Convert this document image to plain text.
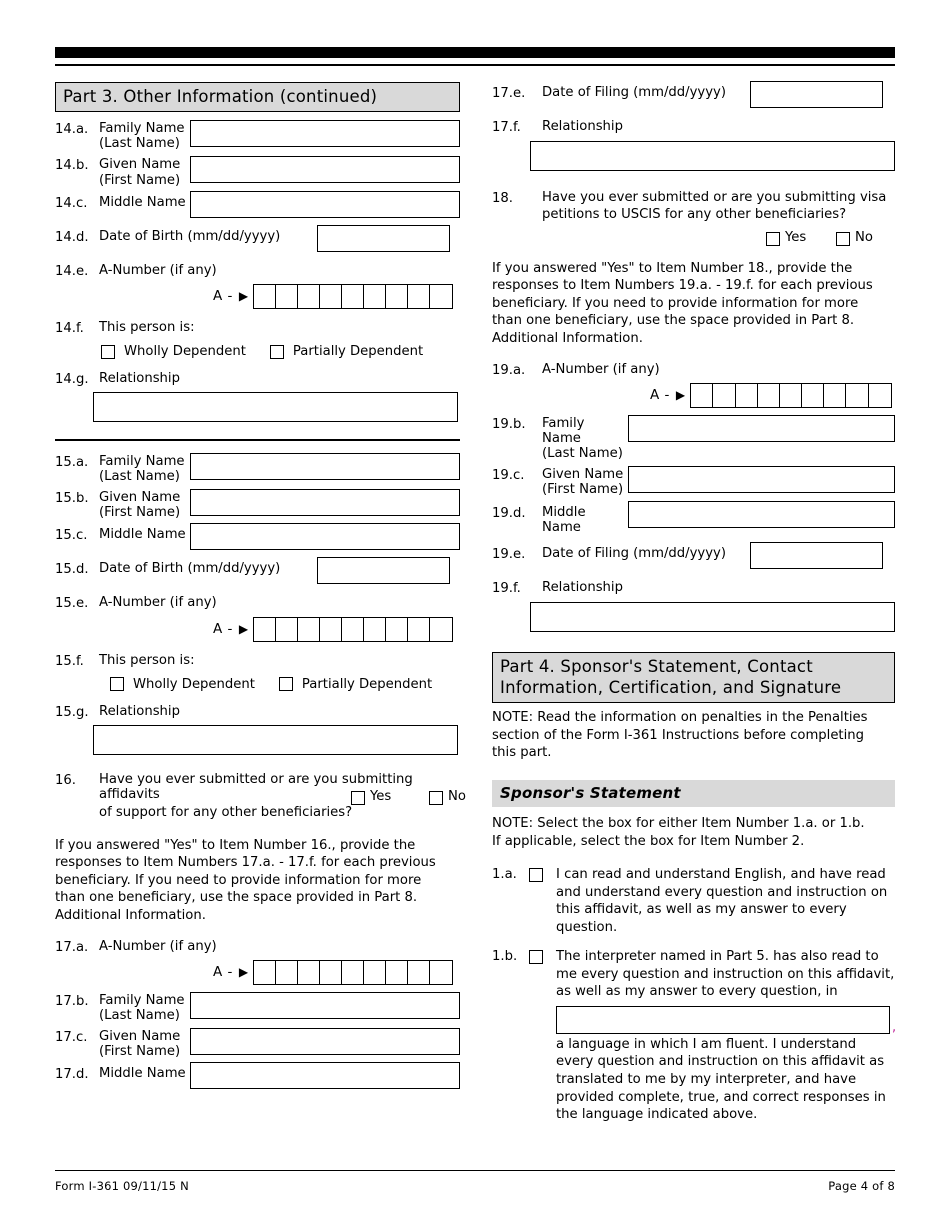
Part 3. Other Information (continued)
14.a. Family Name
(Last Name)
14.b. Given Name
(First Name)
14.c. Middle Name
14.d. Date of Birth (mm/dd/yyyy)
14.e. A-Number (if any)
A - ▶
14.f.	This person is:
Wholly Dependent	Partially Dependent
14.g. Relationship
15.a. Family Name
(Last Name)
15.b. Given Name
(First Name)
15.c. Middle Name
15.d. Date of Birth (mm/dd/yyyy)
15.e. A-Number (if any)
A - ▶
15.f.	This person is:
Wholly Dependent	Partially Dependent
15.g. Relationship
16.	Have you ever submitted or are you submitting affidavits
of support for any other beneficiaries?
Yes	No
If you answered "Yes" to Item Number 16., provide the responses to Item Numbers 17.a. - 17.f. for each previous beneficiary. If you need to provide information for more than one beneficiary, use the space provided in Part 8. Additional Information.
17.a. A-Number (if any)
A - ▶
17.b. Family Name
(Last Name)
17.c. Given Name
(First Name)
17.d. Middle Name
17.e.	Date of Filing (mm/dd/yyyy)
17.f.	Relationship
18.	Have you ever submitted or are you submitting visa
petitions to USCIS for any other beneficiaries?
Yes	No
If you answered "Yes" to Item Number 18., provide the responses to Item Numbers 19.a. - 19.f. for each previous beneficiary. If you need to provide information for more than one beneficiary, use the space provided in Part 8. Additional Information.
19.a.	A-Number (if any)
A - ▶
19.b.	Family Name
(Last Name)
19.c.	Given Name
(First Name)
19.d.	Middle Name
19.e.	Date of Filing (mm/dd/yyyy)
19.f.	Relationship
Part 4. Sponsor's Statement, Contact
Information, Certification, and Signature
NOTE: Read the information on penalties in the Penalties section of the Form I-361 Instructions before completing this part.
Sponsor's Statement
NOTE: Select the box for either Item Number 1.a. or 1.b.
If applicable, select the box for Item Number 2.
1.a.	I can read and understand English, and have read and understand every question and instruction on this affidavit, as well as my answer to every question.
1.b.	The interpreter named in Part 5. has also read to me every question and instruction on this affidavit, as well as my answer to every question, in
,
a language in which I am fluent. I understand every question and instruction on this affidavit as translated to me by my interpreter, and have provided complete, true, and correct responses in the language indicated above.
Form I-361 09/11/15 N	Page 4 of 8
